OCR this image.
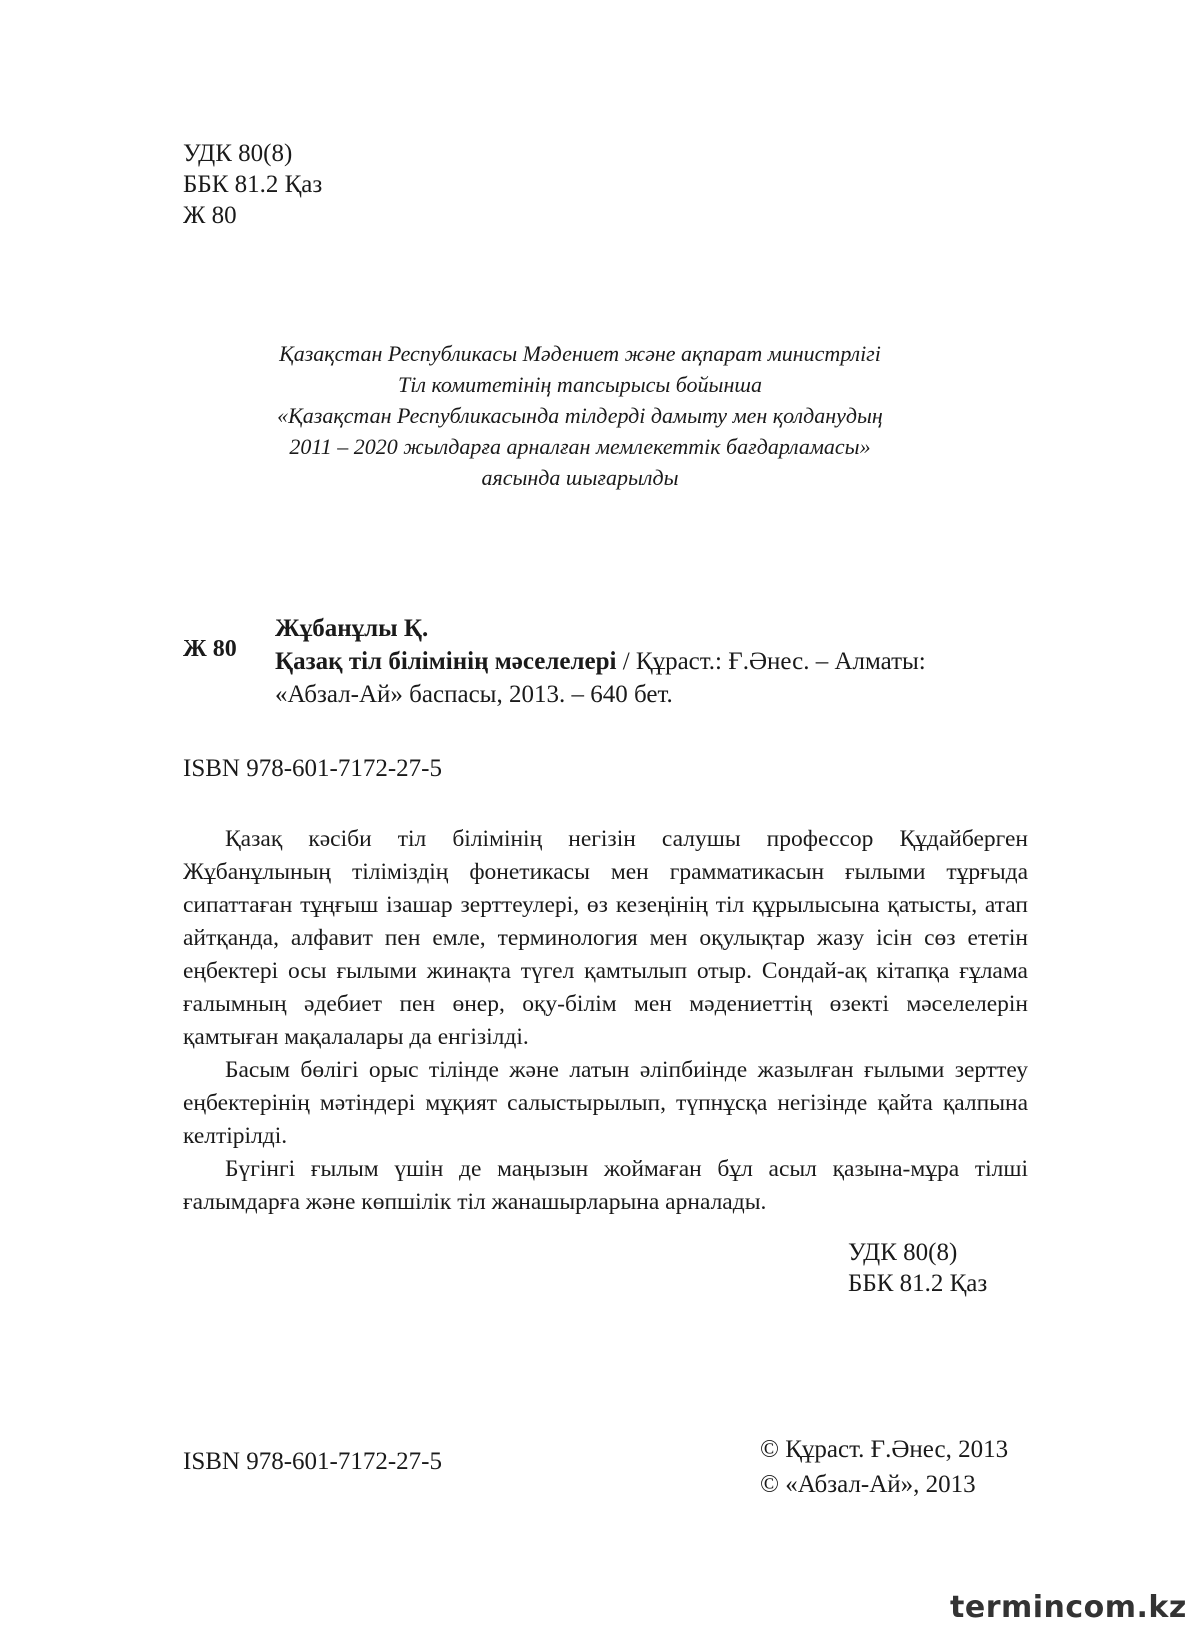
УДК 80(8)
ББК 81.2 Қаз
Ж 80
Қазақстан Республикасы Мəдениет жəне ақпарат министрлігі
Тіл комитетінің тапсырысы бойынша
«Қазақстан Республикасында тілдерді дамыту мен қолданудың
2011 – 2020 жылдарға арналған мемлекеттік бағдарламасы»
аясында шығарылды
Ж 80
Жұбанұлы Қ.
Қазақ тіл білімінің мəселелері / Құраст.: Ғ.Əнес. – Алматы:
«Абзал-Ай» баспасы, 2013. – 640 бет.
ISBN 978-601-7172-27-5

Қазақ кəсіби тіл білімінің негізін салушы профессор Құдайберген Жұбанұлының тіліміздің фонетикасы мен грамматикасын ғылыми тұрғыда сипаттаған тұңғыш ізашар зерттеулері, өз кезеңінің тіл құрылысына қатысты, атап айтқанда, алфавит пен емле, терминология мен оқулықтар жазу ісін сөз ететін еңбектері осы ғылыми жинақта түгел қамтылып отыр. Сондай-ақ кітапқа ғұлама ғалымның əдебиет пен өнер, оқу-білім мен мəдениеттің өзекті мəселелерін қамтыған мақалалары да енгізілді.

Басым бөлігі орыс тілінде жəне латын əліпбиінде жазылған ғылыми зерттеу еңбектерінің мəтіндері мұқият салыстырылып, түпнұсқа негізінде қайта қалпына келтірілді.

Бүгінгі ғылым үшін де маңызын жоймаған бұл асыл қазына-мұра тілші ғалымдарға жəне көпшілік тіл жанашырларына арналады.

УДК 80(8)
ББК 81.2 Қаз
ISBN 978-601-7172-27-5	© Құраст. Ғ.Əнес, 2013
© «Абзал-Ай», 2013
termincom.kz
